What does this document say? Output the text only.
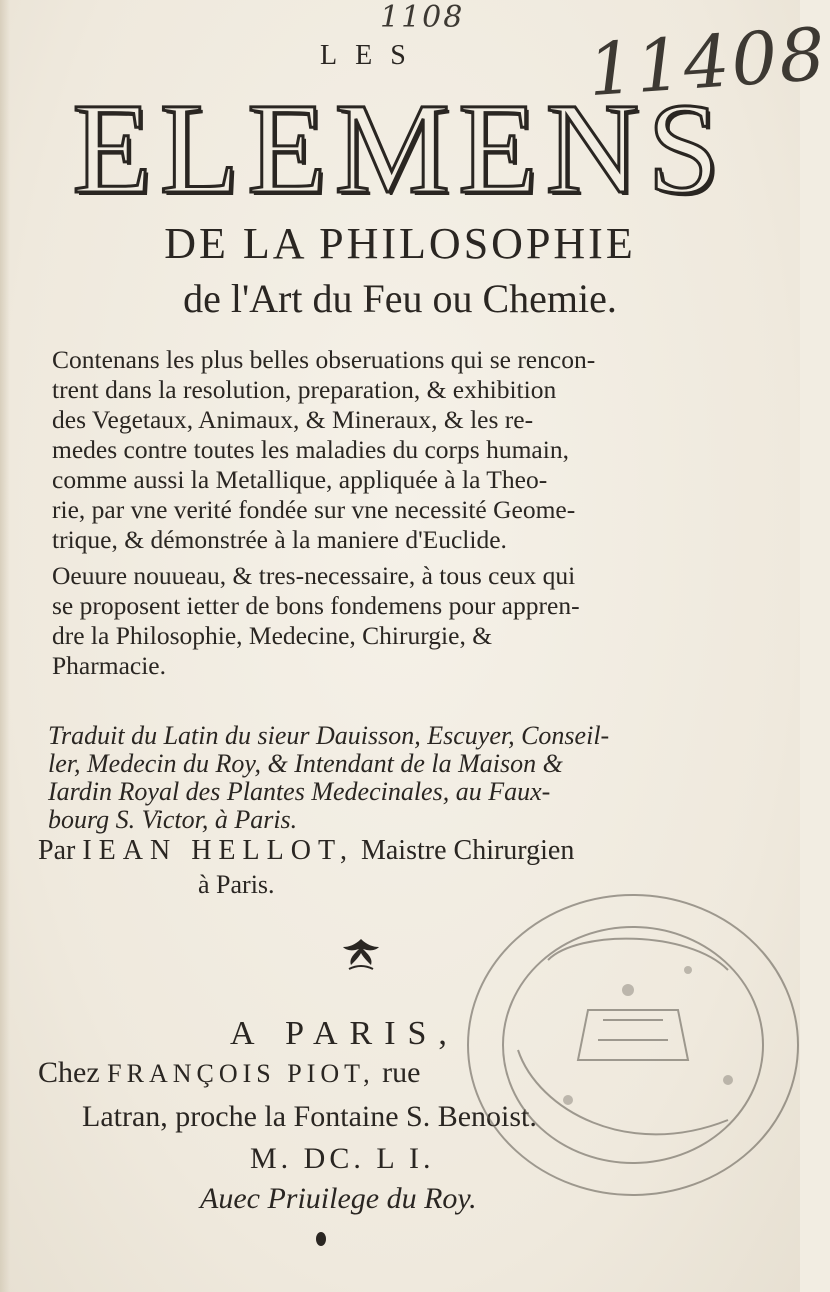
1108 11408
LES
ELEMENS
DE LA PHILOSOPHIE
de l'Art du Feu ou Chemie.
Contenans les plus belles obseruations qui se rencon-
trent dans la resolution, preparation, & exhibition
des Vegetaux, Animaux, & Mineraux, & les re-
medes contre toutes les maladies du corps humain,
comme aussi la Metallique, appliquée à la Theo-
rie, par vne verité fondée sur vne necessité Geome-
trique, & démonstrée à la maniere d'Euclide.
Oeuure nouueau, & tres-necessaire, à tous ceux qui
se proposent ietter de bons fondemens pour appren-
dre la Philosophie, Medecine, Chirurgie, &
Pharmacie.
Traduit du Latin du sieur Dauisson, Escuyer, Conseil-
ler, Medecin du Roy, & Intendant de la Maison &
Iardin Royal des Plantes Medecinales, au Faux-
bourg S. Victor, à Paris.
Par IEAN HELLOT, Maistre Chirurgien
à Paris.
A PARIS,
Chez FRANÇOIS PIOT, rue
Latran, proche la Fontaine S. Benoist.
M. DC. L I.
Auec Priuilege du Roy.
